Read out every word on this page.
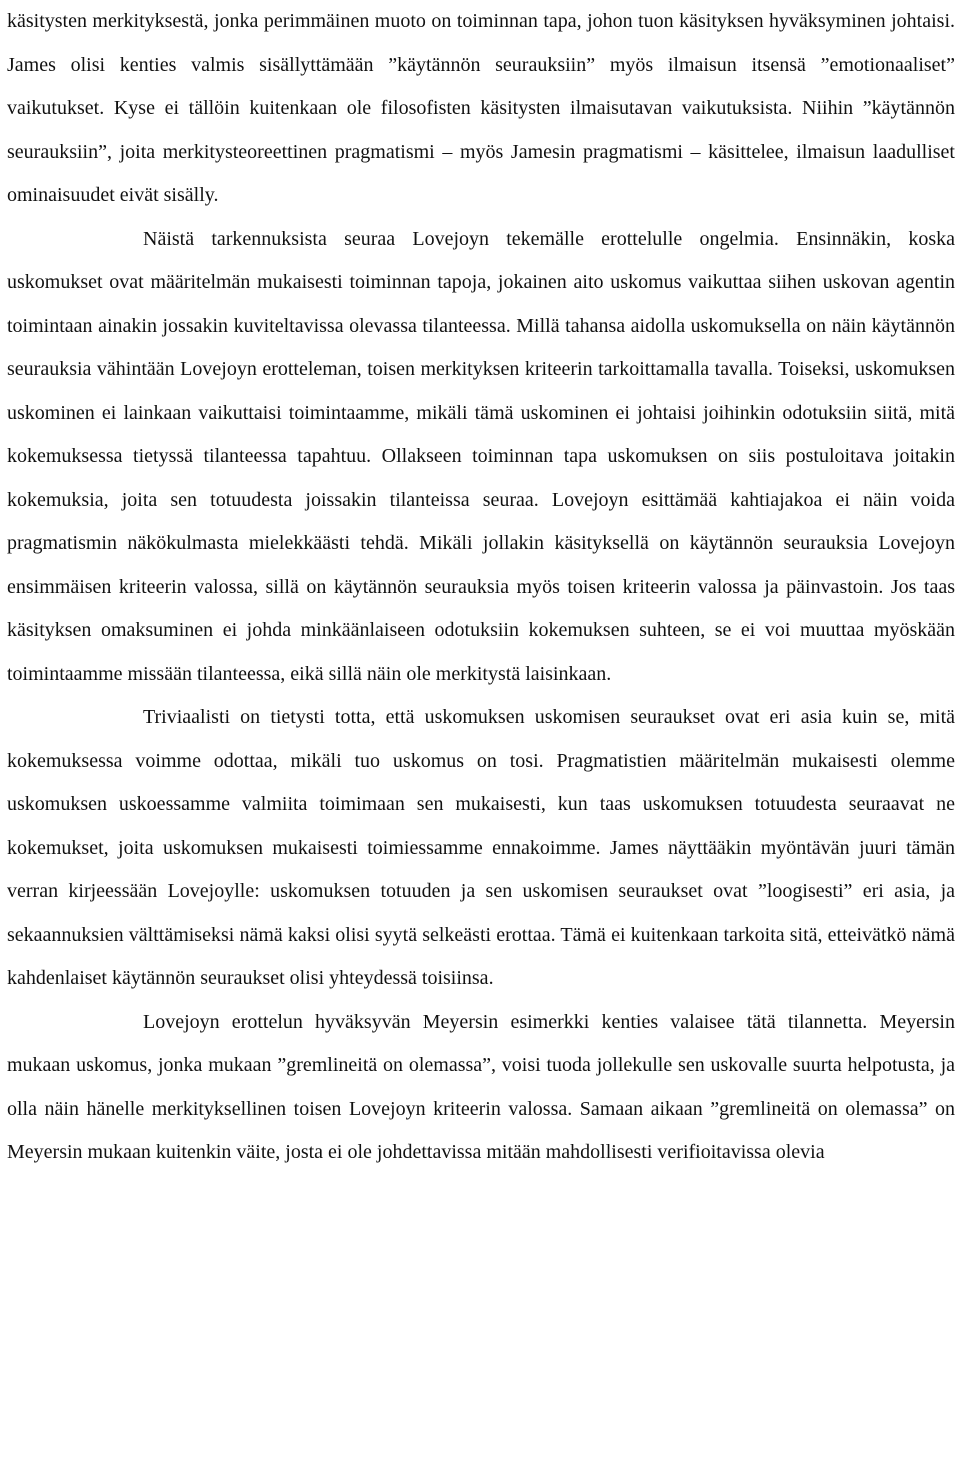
käsitysten merkityksestä, jonka perimmäinen muoto on toiminnan tapa, johon tuon käsityksen hyväksyminen johtaisi. James olisi kenties valmis sisällyttämään ”käytännön seurauksiin” myös ilmaisun itsensä ”emotionaaliset” vaikutukset. Kyse ei tällöin kuitenkaan ole filosofisten käsitysten ilmaisutavan vaikutuksista. Niihin ”käytännön seurauksiin”, joita merkitysteoreettinen pragmatismi – myös Jamesin pragmatismi – käsittelee, ilmaisun laadulliset ominaisuudet eivät sisälly.

Näistä tarkennuksista seuraa Lovejoyn tekemälle erottelulle ongelmia. Ensinnäkin, koska uskomukset ovat määritelmän mukaisesti toiminnan tapoja, jokainen aito uskomus vaikuttaa siihen uskovan agentin toimintaan ainakin jossakin kuviteltavissa olevassa tilanteessa. Millä tahansa aidolla uskomuksella on näin käytännön seurauksia vähintään Lovejoyn erotteleman, toisen merkityksen kriteerin tarkoittamalla tavalla. Toiseksi, uskomuksen uskominen ei lainkaan vaikuttaisi toimintaamme, mikäli tämä uskominen ei johtaisi joihinkin odotuksiin siitä, mitä kokemuksessa tietyssä tilanteessa tapahtuu. Ollakseen toiminnan tapa uskomuksen on siis postuloitava joitakin kokemuksia, joita sen totuudesta joissakin tilanteissa seuraa. Lovejoyn esittämää kahtiajakoa ei näin voida pragmatismin näkökulmasta mielekkäästi tehdä. Mikäli jollakin käsityksellä on käytännön seurauksia Lovejoyn ensimmäisen kriteerin valossa, sillä on käytännön seurauksia myös toisen kriteerin valossa ja päinvastoin. Jos taas käsityksen omaksuminen ei johda minkäänlaiseen odotuksiin kokemuksen suhteen, se ei voi muuttaa myöskään toimintaamme missään tilanteessa, eikä sillä näin ole merkitystä laisinkaan.

Triviaalisti on tietysti totta, että uskomuksen uskomisen seuraukset ovat eri asia kuin se, mitä kokemuksessa voimme odottaa, mikäli tuo uskomus on tosi. Pragmatistien määritelmän mukaisesti olemme uskomuksen uskoessamme valmiita toimimaan sen mukaisesti, kun taas uskomuksen totuudesta seuraavat ne kokemukset, joita uskomuksen mukaisesti toimiessamme ennakoimme. James näyttääkin myöntävän juuri tämän verran kirjeessään Lovejoylle: uskomuksen totuuden ja sen uskomisen seuraukset ovat ”loogisesti” eri asia, ja sekaannuksien välttämiseksi nämä kaksi olisi syytä selkeästi erottaa. Tämä ei kuitenkaan tarkoita sitä, etteivätkö nämä kahdenlaiset käytännön seuraukset olisi yhteydessä toisiinsa.

Lovejoyn erottelun hyväksyvän Meyersin esimerkki kenties valaisee tätä tilannetta. Meyersin mukaan uskomus, jonka mukaan ”gremlineitä on olemassa”, voisi tuoda jollekulle sen uskovalle suurta helpotusta, ja olla näin hänelle merkityksellinen toisen Lovejoyn kriteerin valossa. Samaan aikaan ”gremlineitä on olemassa” on Meyersin mukaan kuitenkin väite, josta ei ole johdettavissa mitään mahdollisesti verifioitavissa olevia
